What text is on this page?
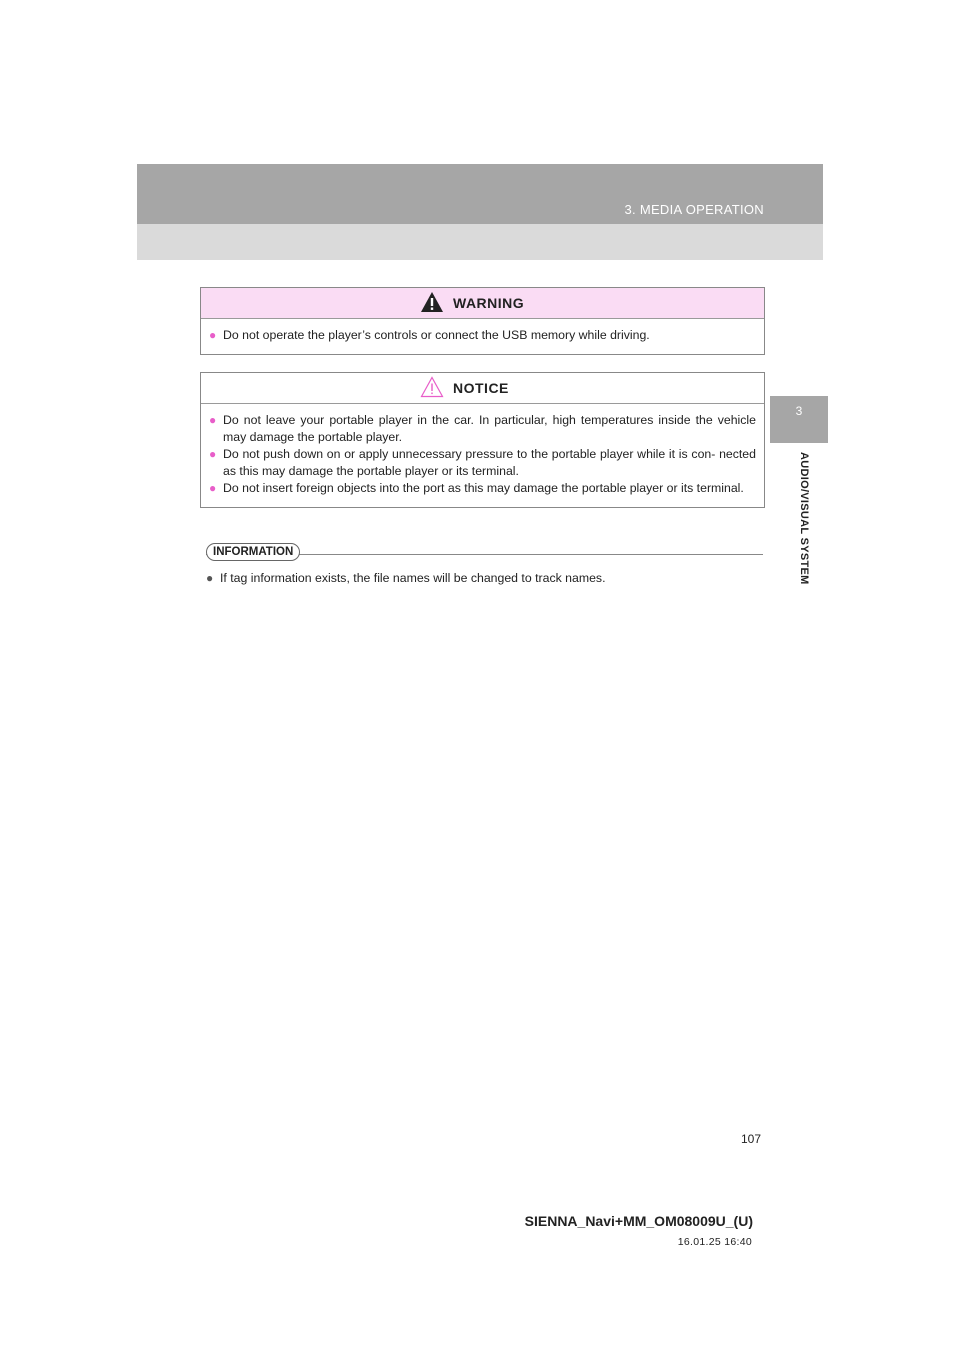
3. MEDIA OPERATION
3
AUDIO/VISUAL SYSTEM
WARNING
● Do not operate the player’s controls or connect the USB memory while driving.
NOTICE
● Do not leave your portable player in the car. In particular, high temperatures inside the vehicle may damage the portable player.
● Do not push down on or apply unnecessary pressure to the portable player while it is con- nected as this may damage the portable player or its terminal.
● Do not insert foreign objects into the port as this may damage the portable player or its terminal.
INFORMATION
● If tag information exists, the file names will be changed to track names.
107
SIENNA_Navi+MM_OM08009U_(U)
16.01.25 16:40
